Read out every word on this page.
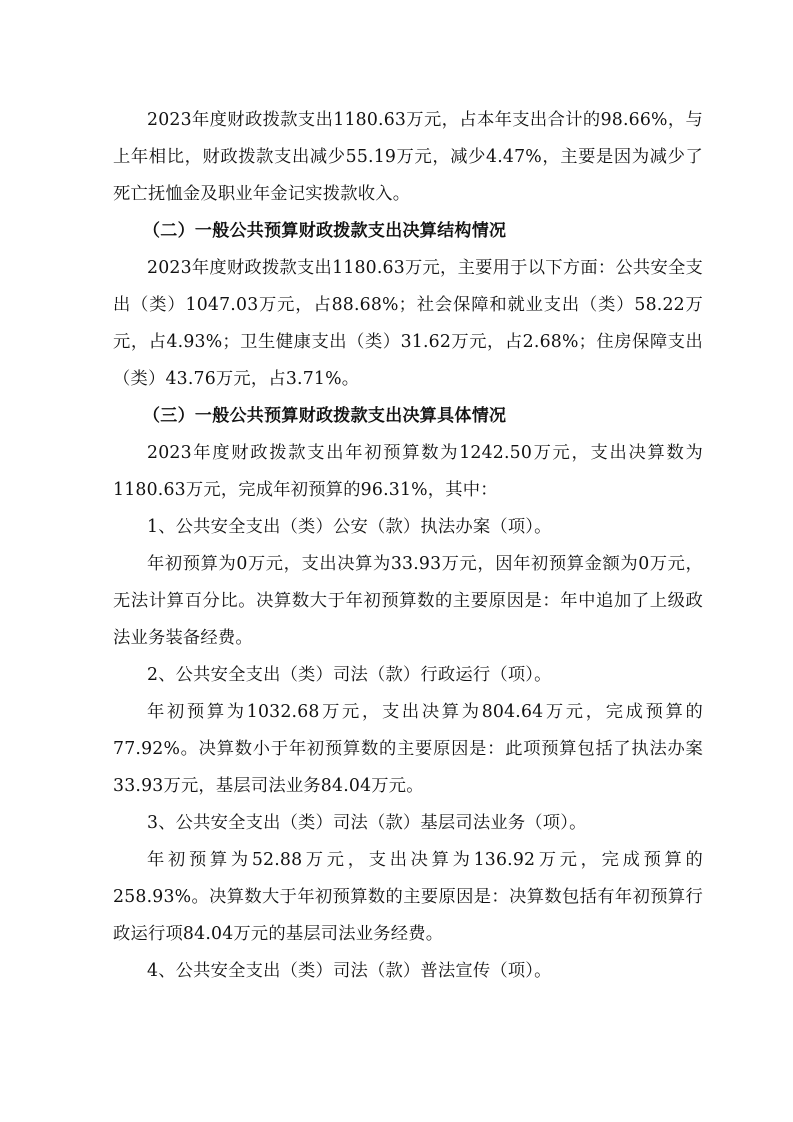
2023年度财政拨款支出1180.63万元，占本年支出合计的98.66%，与上年相比，财政拨款支出减少55.19万元，减少4.47%，主要是因为减少了死亡抚恤金及职业年金记实拨款收入。

（二）一般公共预算财政拨款支出决算结构情况

2023年度财政拨款支出1180.63万元，主要用于以下方面：公共安全支出（类）1047.03万元，占88.68%；社会保障和就业支出（类）58.22万元，占4.93%；卫生健康支出（类）31.62万元，占2.68%；住房保障支出（类）43.76万元，占3.71%。

（三）一般公共预算财政拨款支出决算具体情况

2023年度财政拨款支出年初预算数为1242.50万元，支出决算数为1180.63万元，完成年初预算的96.31%，其中：

1、公共安全支出（类）公安（款）执法办案（项）。

年初预算为0万元，支出决算为33.93万元，因年初预算金额为0万元，无法计算百分比。决算数大于年初预算数的主要原因是：年中追加了上级政法业务装备经费。

2、公共安全支出（类）司法（款）行政运行（项）。

年初预算为1032.68万元，支出决算为804.64万元，完成预算的77.92%。决算数小于年初预算数的主要原因是：此项预算包括了执法办案33.93万元，基层司法业务84.04万元。

3、公共安全支出（类）司法（款）基层司法业务（项）。

年初预算为52.88万元，支出决算为136.92万元，完成预算的258.93%。决算数大于年初预算数的主要原因是：决算数包括有年初预算行政运行项84.04万元的基层司法业务经费。

4、公共安全支出（类）司法（款）普法宣传（项）。
